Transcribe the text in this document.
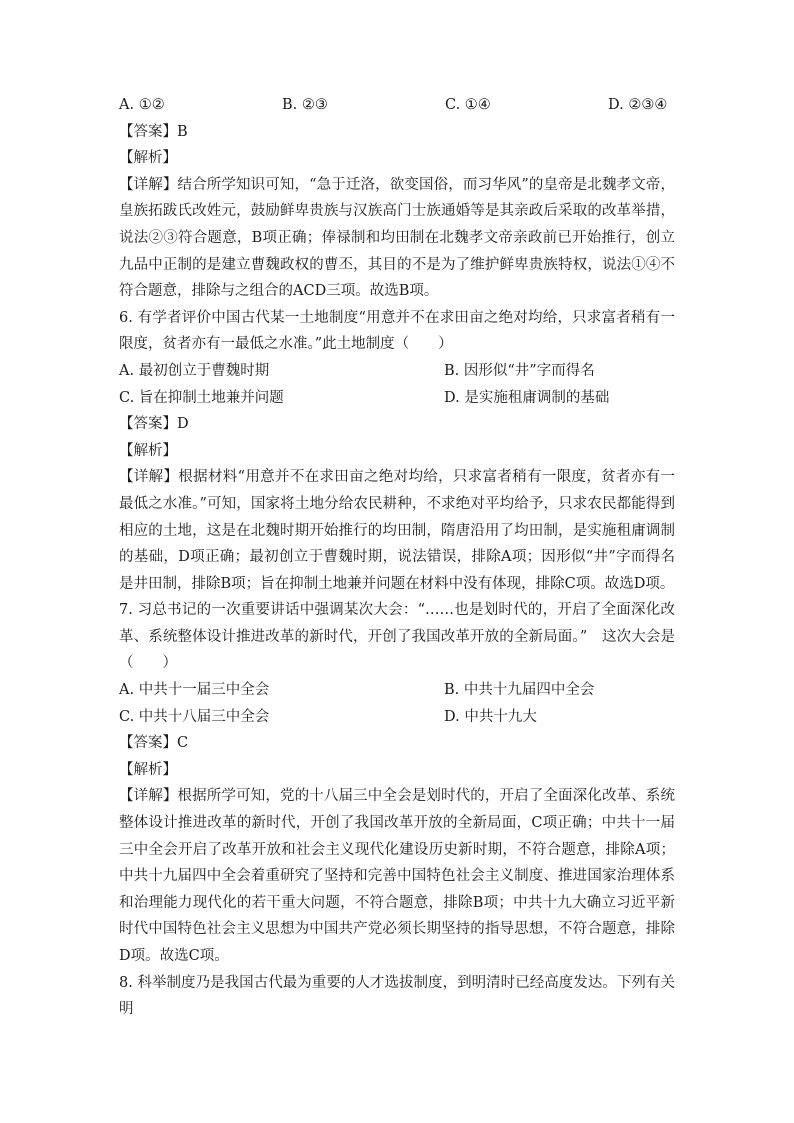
A. ①②	B. ②③	C. ①④	D. ②③④
【答案】B
【解析】
【详解】结合所学知识可知，“急于迁洛，欲变国俗，而习华风”的皇帝是北魏孝文帝，皇族拓跋氏改姓元，鼓励鲜卑贵族与汉族高门士族通婚等是其亲政后采取的改革举措，说法②③符合题意，B项正确；俸禄制和均田制在北魏孝文帝亲政前已开始推行，创立九品中正制的是建立曹魏政权的曹丕，其目的不是为了维护鲜卑贵族特权，说法①④不符合题意，排除与之组合的ACD三项。故选B项。
6. 有学者评价中国古代某一土地制度“用意并不在求田亩之绝对均给，只求富者稍有一限度，贫者亦有一最低之水准。”此土地制度（　　）
A. 最初创立于曹魏时期	B. 因形似“井”字而得名
C. 旨在抑制土地兼并问题	D. 是实施租庸调制的基础
【答案】D
【解析】
【详解】根据材料“用意并不在求田亩之绝对均给，只求富者稍有一限度，贫者亦有一最低之水准。”可知，国家将土地分给农民耕种，不求绝对平均给予，只求农民都能得到相应的土地，这是在北魏时期开始推行的均田制，隋唐沿用了均田制，是实施租庸调制的基础，D项正确；最初创立于曹魏时期，说法错误，排除A项；因形似“井”字而得名是井田制，排除B项；旨在抑制土地兼并问题在材料中没有体现，排除C项。故选D项。
7. 习总书记的一次重要讲话中强调某次大会：“……也是划时代的，开启了全面深化改革、系统整体设计推进改革的新时代，开创了我国改革开放的全新局面。”　这次大会是（　　）
A. 中共十一届三中全会	B. 中共十九届四中全会
C. 中共十八届三中全会	D. 中共十九大
【答案】C
【解析】
【详解】根据所学可知，党的十八届三中全会是划时代的，开启了全面深化改革、系统整体设计推进改革的新时代，开创了我国改革开放的全新局面，C项正确；中共十一届三中全会开启了改革开放和社会主义现代化建设历史新时期，不符合题意，排除A项；中共十九届四中全会着重研究了坚持和完善中国特色社会主义制度、推进国家治理体系和治理能力现代化的若干重大问题，不符合题意，排除B项；中共十九大确立习近平新时代中国特色社会主义思想为中国共产党必须长期坚持的指导思想，不符合题意，排除D项。故选C项。
8. 科举制度乃是我国古代最为重要的人才选拔制度，到明清时已经高度发达。下列有关明
